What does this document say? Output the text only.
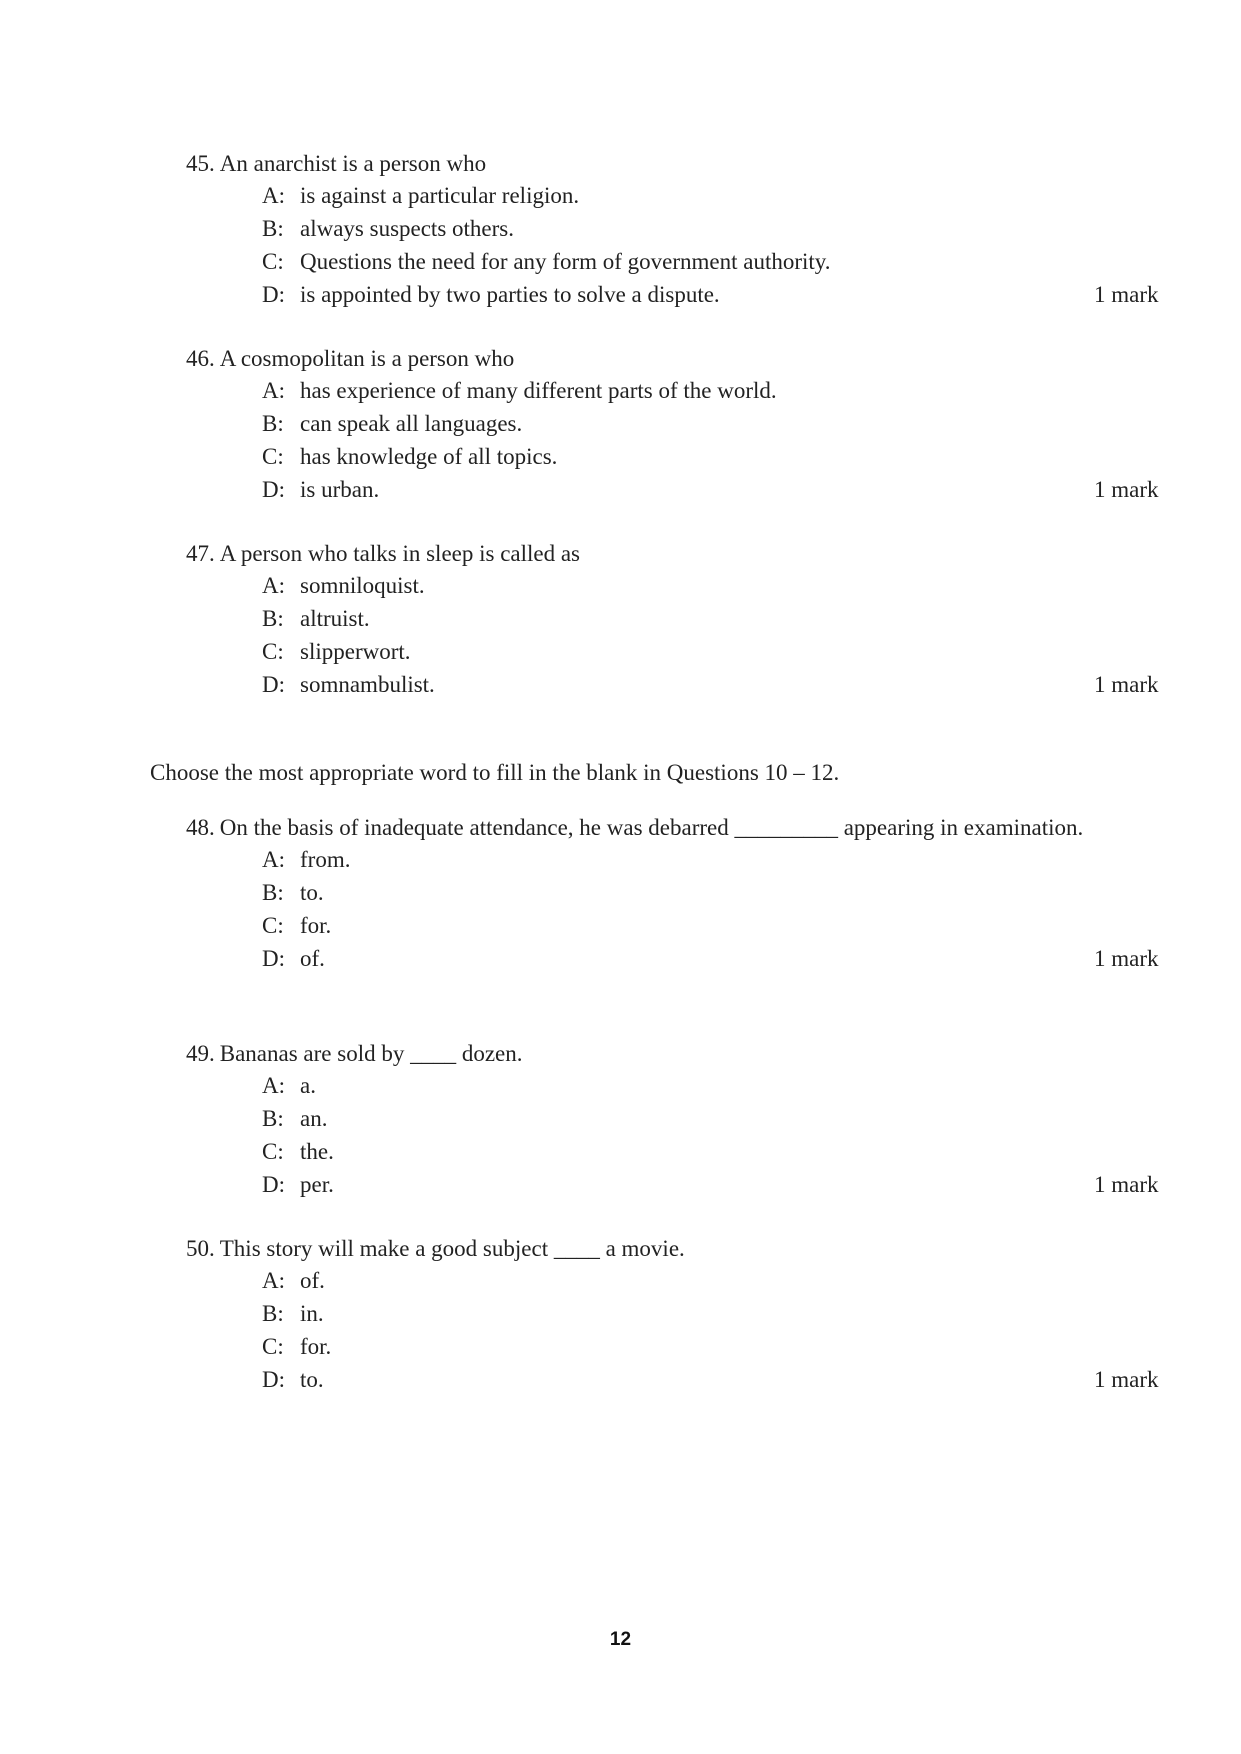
45. An anarchist is a person who
A: is against a particular religion.
B: always suspects others.
C: Questions the need for any form of government authority.
D: is appointed by two parties to solve a dispute.	1 mark
46. A cosmopolitan is a person who
A: has experience of many different parts of the world.
B: can speak all languages.
C: has knowledge of all topics.
D: is urban.	1 mark
47. A person who talks in sleep is called as
A: somniloquist.
B: altruist.
C: slipperwort.
D: somnambulist.	1 mark
Choose the most appropriate word to fill in the blank in Questions 10 – 12.
48. On the basis of inadequate attendance, he was debarred _________ appearing in examination.
A: from.
B: to.
C: for.
D: of.	1 mark
49. Bananas are sold by ____ dozen.
A: a.
B: an.
C: the.
D: per.	1 mark
50. This story will make a good subject ____ a movie.
A: of.
B: in.
C: for.
D: to.	1 mark
12
